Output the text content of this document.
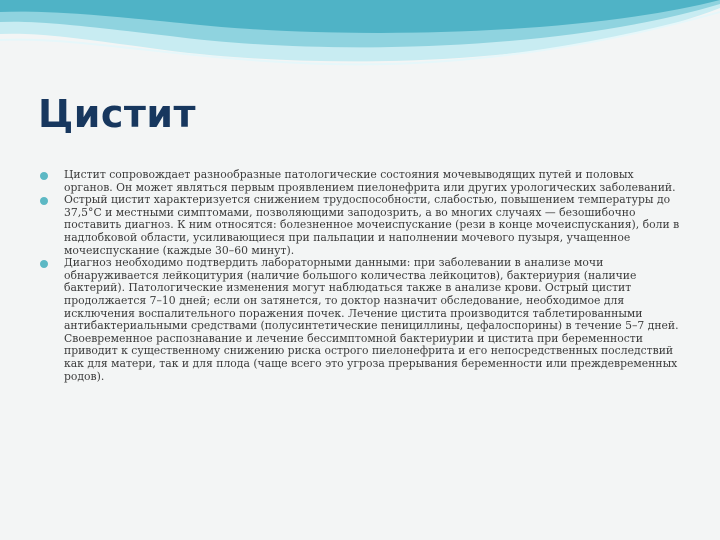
Цистит
Цистит сопровождает разнообразные патологические состояния мочевыводящих путей и половых органов. Он может являться первым проявлением пиелонефрита или других урологических заболеваний.
Острый цистит характеризуется снижением трудоспособности, слабостью, повышением температуры до 37,5°С и местными симптомами, позволяющими заподозрить, а во многих случаях — безошибочно поставить диагноз. К ним относятся: болезненное мочеиспускание (рези в конце мочеиспускания), боли в надлобковой области, усиливающиеся при пальпации и наполнении мочевого пузыря, учащенное мочеиспускание (каждые 30–60 минут).
Диагноз необходимо подтвердить лабораторными данными: при заболевании в анализе мочи обнаруживается лейкоцитурия (наличие большого количества лейкоцитов), бактериурия (наличие бактерий). Патологические изменения могут наблюдаться также в анализе крови. Острый цистит продолжается 7–10 дней; если он затянется, то доктор назначит обследование, необходимое для исключения воспалительного поражения почек. Лечение цистита производится таблетированными антибактериальными средствами (полусинтетические пенициллины, цефалоспорины) в течение 5–7 дней. Своевременное распознавание и лечение бессимптомной бактериурии и цистита при беременности приводит к существенному снижению риска острого пиелонефрита и его непосредственных последствий как для матери, так и для плода (чаще всего это угроза прерывания беременности или преждевременных родов).
